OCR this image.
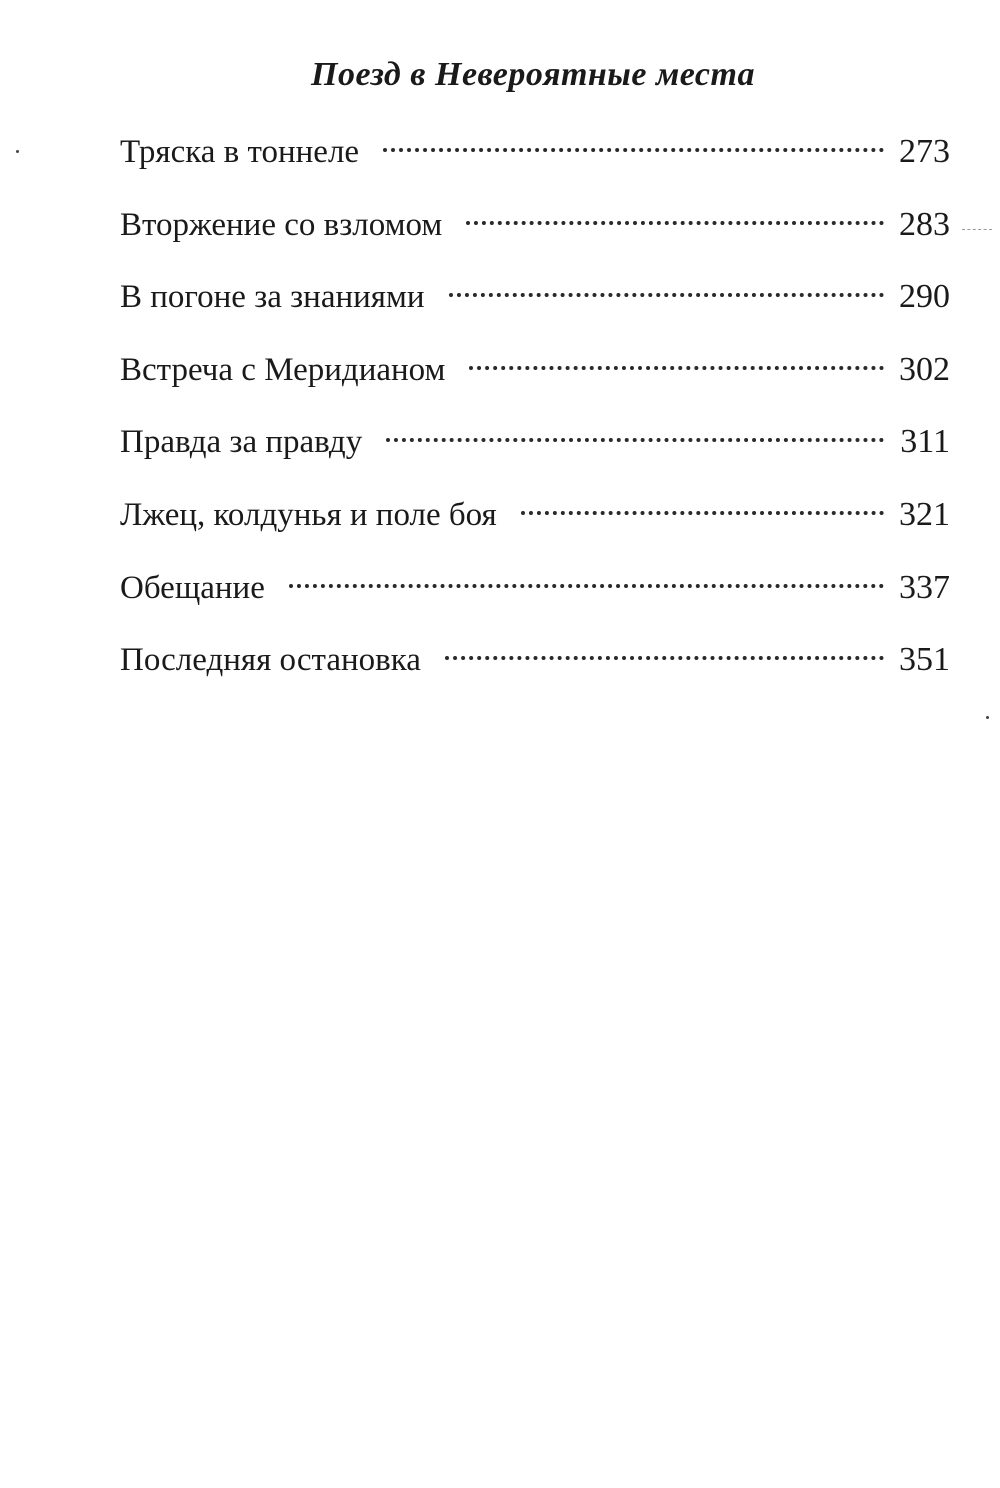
Поезд в Невероятные места
Тряска в тоннеле	273
Вторжение со взломом	283
В погоне за знаниями	290
Встреча с Меридианом	302
Правда за правду	311
Лжец, колдунья и поле боя	321
Обещание	337
Последняя остановка	351
